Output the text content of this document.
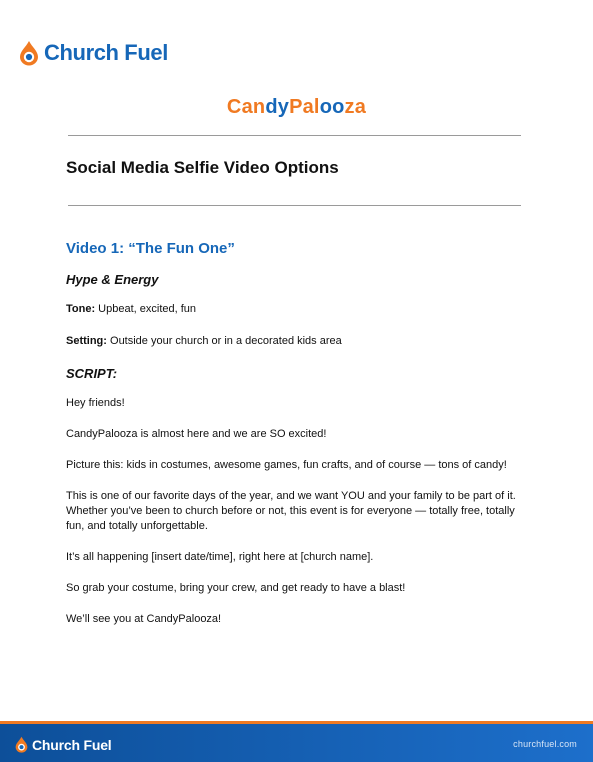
Church Fuel
CandyPalooza
Social Media Selfie Video Options
Video 1: “The Fun One”
Hype & Energy
Tone: Upbeat, excited, fun
Setting: Outside your church or in a decorated kids area
SCRIPT:

Hey friends!

CandyPalooza is almost here and we are SO excited!

Picture this: kids in costumes, awesome games, fun crafts, and of course — tons of candy!

This is one of our favorite days of the year, and we want YOU and your family to be part of it. Whether you’ve been to church before or not, this event is for everyone — totally free, totally fun, and totally unforgettable.

It’s all happening [insert date/time], right here at [church name].

So grab your costume, bring your crew, and get ready to have a blast!

We’ll see you at CandyPalooza!

Church Fuel	churchfuel.com
